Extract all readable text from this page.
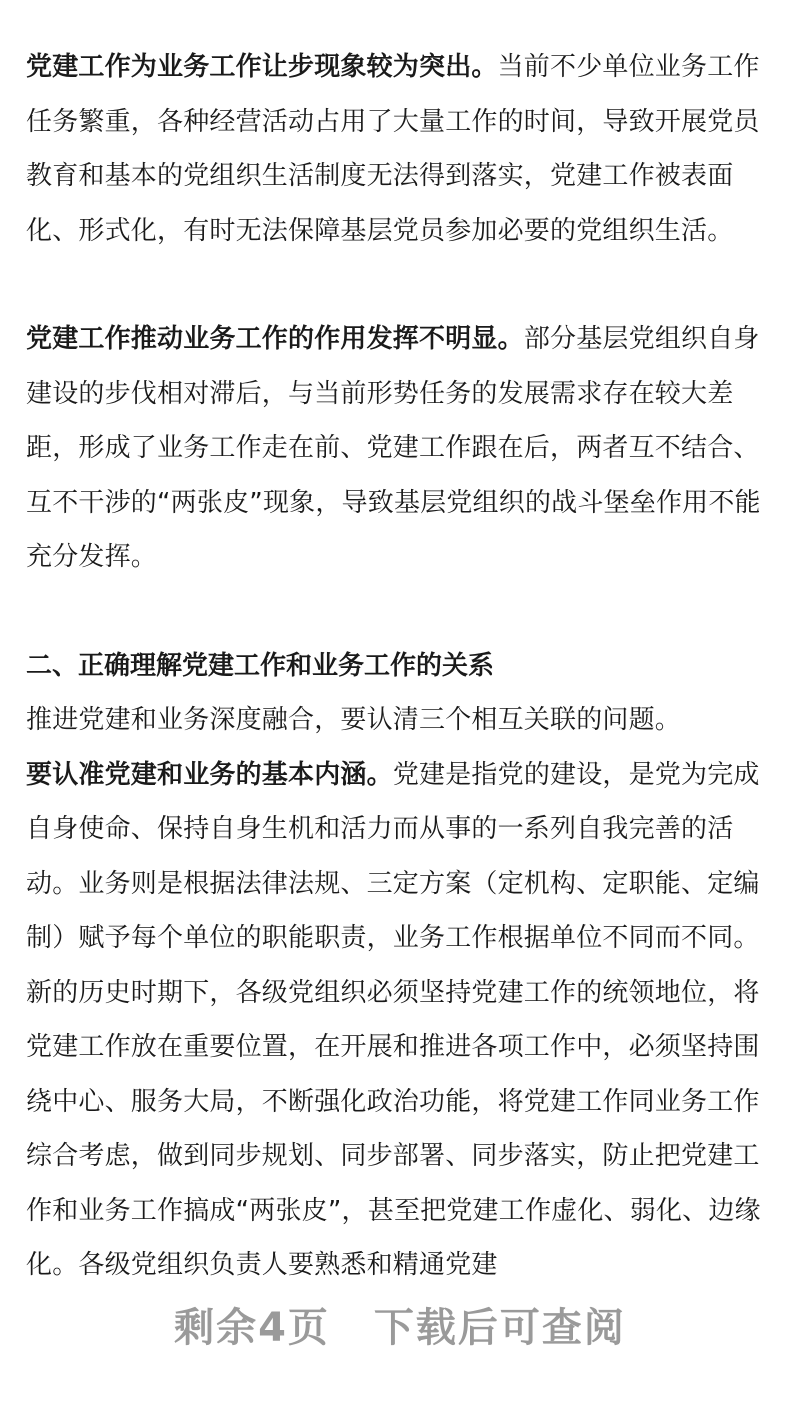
党建工作为业务工作让步现象较为突出。当前不少单位业务工作任务繁重，各种经营活动占用了大量工作的时间，导致开展党员教育和基本的党组织生活制度无法得到落实，党建工作被表面化、形式化，有时无法保障基层党员参加必要的党组织生活。

党建工作推动业务工作的作用发挥不明显。部分基层党组织自身建设的步伐相对滞后，与当前形势任务的发展需求存在较大差距，形成了业务工作走在前、党建工作跟在后，两者互不结合、互不干涉的“两张皮”现象，导致基层党组织的战斗堡垒作用不能充分发挥。

二、正确理解党建工作和业务工作的关系

推进党建和业务深度融合，要认清三个相互关联的问题。

要认准党建和业务的基本内涵。党建是指党的建设，是党为完成自身使命、保持自身生机和活力而从事的一系列自我完善的活动。业务则是根据法律法规、三定方案（定机构、定职能、定编制）赋予每个单位的职能职责，业务工作根据单位不同而不同。新的历史时期下，各级党组织必须坚持党建工作的统领地位，将党建工作放在重要位置，在开展和推进各项工作中，必须坚持围绕中心、服务大局，不断强化政治功能，将党建工作同业务工作综合考虑，做到同步规划、同步部署、同步落实，防止把党建工作和业务工作搞成“两张皮”，甚至把党建工作虚化、弱化、边缘化。各级党组织负责人要熟悉和精通党建

剩余4页 下载后可查阅
